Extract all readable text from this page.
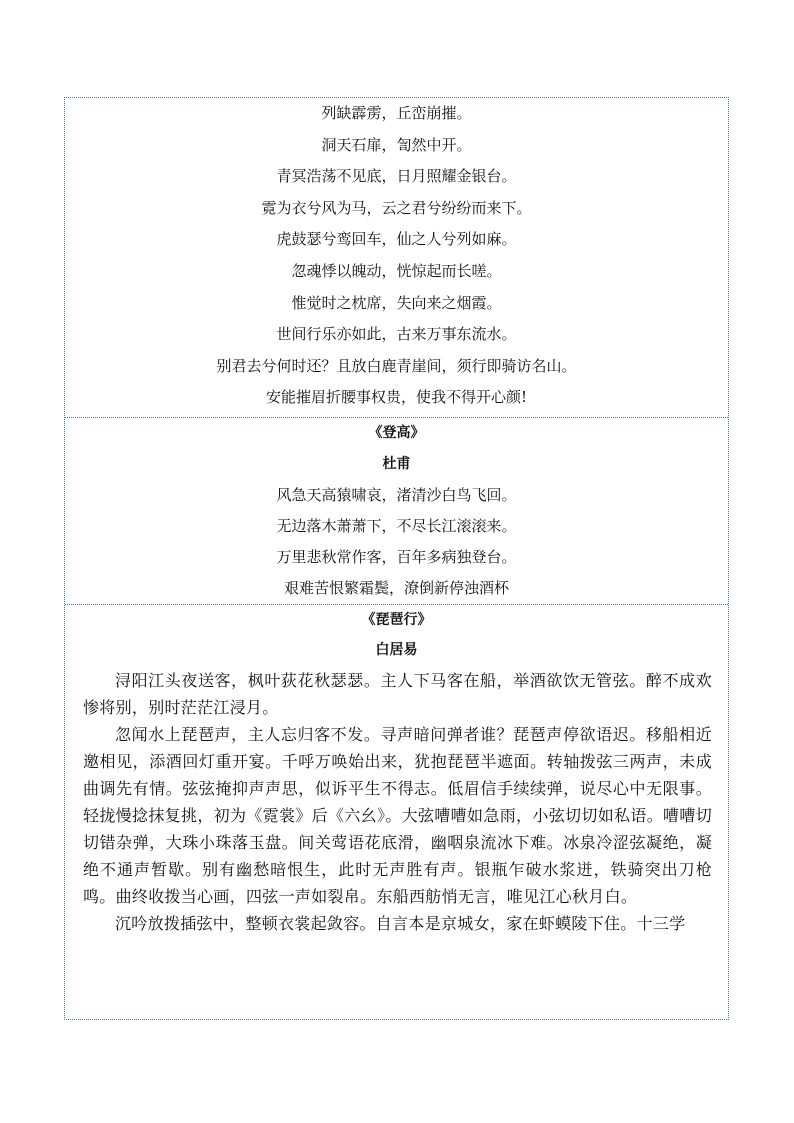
列缺霹雳，丘峦崩摧。
洞天石扉，訇然中开。
青冥浩荡不见底，日月照耀金银台。
霓为衣兮风为马，云之君兮纷纷而来下。
虎鼓瑟兮鸾回车，仙之人兮列如麻。
忽魂悸以魄动，恍惊起而长嗟。
惟觉时之枕席，失向来之烟霞。
世间行乐亦如此，古来万事东流水。
别君去兮何时还？且放白鹿青崖间，须行即骑访名山。
安能摧眉折腰事权贵，使我不得开心颜!
《登高》
杜甫
风急天高猿啸哀，渚清沙白鸟飞回。
无边落木萧萧下，不尽长江滚滚来。
万里悲秋常作客，百年多病独登台。
艰难苦恨繁霜鬓，潦倒新停浊酒杯
《琵琶行》
白居易

浔阳江头夜送客，枫叶荻花秋瑟瑟。主人下马客在船，举酒欲饮无管弦。醉不成欢惨将别，别时茫茫江浸月。

忽闻水上琵琶声，主人忘归客不发。寻声暗问弹者谁？琵琶声停欲语迟。移船相近邀相见，添酒回灯重开宴。千呼万唤始出来，犹抱琵琶半遮面。转轴拨弦三两声，未成曲调先有情。弦弦掩抑声声思，似诉平生不得志。低眉信手续续弹，说尽心中无限事。轻拢慢捻抹复挑，初为《霓裳》后《六幺》。大弦嘈嘈如急雨，小弦切切如私语。嘈嘈切切错杂弹，大珠小珠落玉盘。间关莺语花底滑，幽咽泉流冰下难。冰泉冷涩弦凝绝，凝绝不通声暂歇。别有幽愁暗恨生，此时无声胜有声。银瓶乍破水浆迸，铁骑突出刀枪鸣。曲终收拨当心画，四弦一声如裂帛。东船西舫悄无言，唯见江心秋月白。

沉吟放拨插弦中，整顿衣裳起敛容。自言本是京城女，家在虾蟆陵下住。十三学
